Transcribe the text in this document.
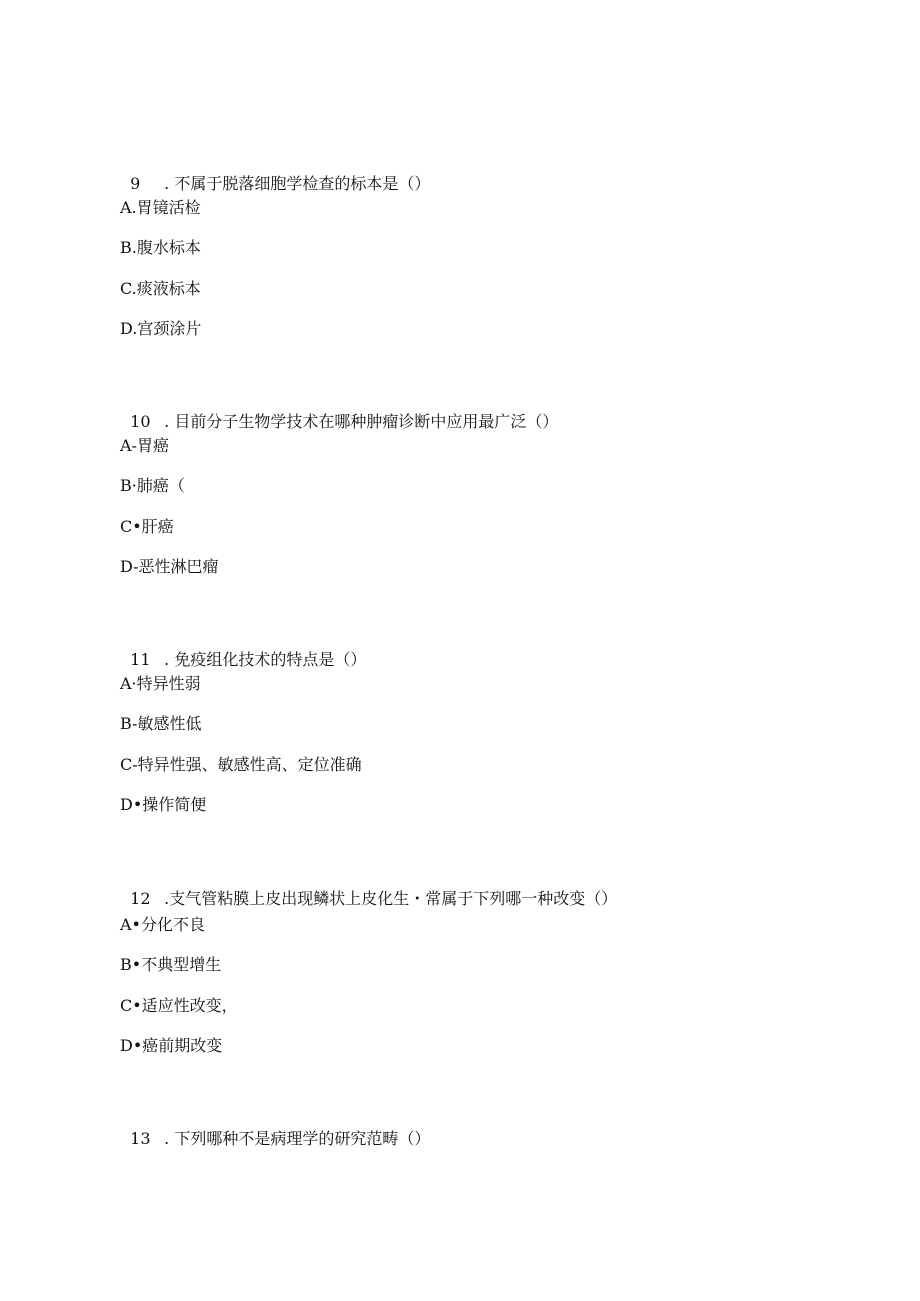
9 . 不属于脱落细胞学检查的标本是（）

A.胃镜活检
B.腹水标本
C.痰液标本
D.宫颈涂片

10 . 目前分子生物学技术在哪种肿瘤诊断中应用最广泛（）

A-胃癌
B·肺癌（
C•肝癌
D-恶性淋巴瘤

11 . 免疫组化技术的特点是（）

A·特异性弱
B-敏感性低
C-特异性强、敏感性高、定位准确
D•操作简便

12 .支气管粘膜上皮出现鳞状上皮化生・常属于下列哪一种改变（）

A•分化不良
B•不典型增生
C•适应性改变，
D•癌前期改变

13 . 下列哪种不是病理学的研究范畴（）
